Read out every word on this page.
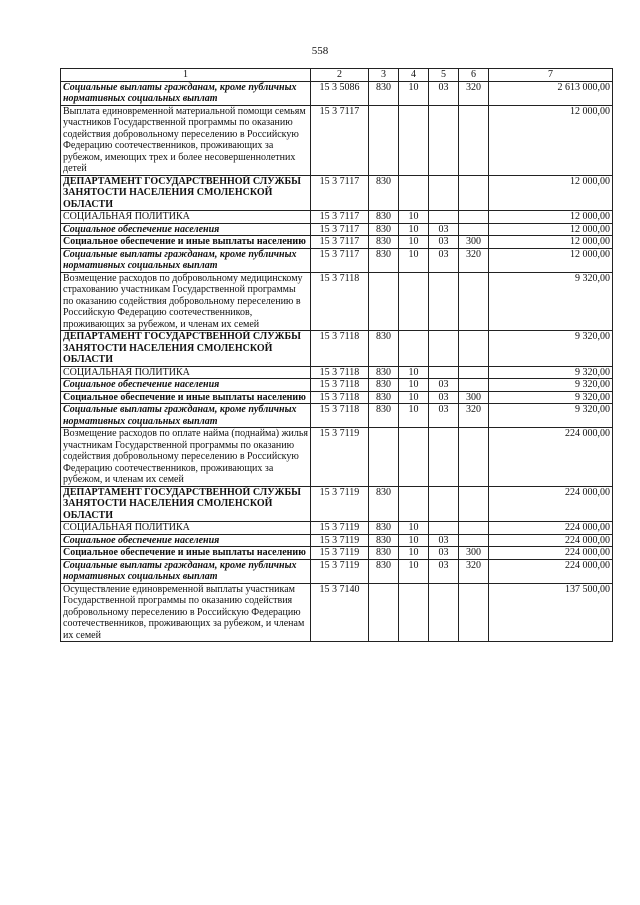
558
1	2	3	4	5	6	7
Социальные выплаты гражданам, кроме публичных нормативных социальных выплат	15 3 5086	830	10	03	320	2 613 000,00
Выплата единовременной материальной помощи семьям участников Государственной программы по оказанию содействия добровольному переселению в Российскую Федерацию соотечественников, проживающих за рубежом, имеющих трех и более несовершеннолетних детей	15 3 7117					12 000,00
ДЕПАРТАМЕНТ ГОСУДАРСТВЕННОЙ СЛУЖБЫ ЗАНЯТОСТИ НАСЕЛЕНИЯ СМОЛЕНСКОЙ ОБЛАСТИ	15 3 7117	830				12 000,00
СОЦИАЛЬНАЯ ПОЛИТИКА	15 3 7117	830	10			12 000,00
Социальное обеспечение населения	15 3 7117	830	10	03		12 000,00
Социальное обеспечение и иные выплаты населению	15 3 7117	830	10	03	300	12 000,00
Социальные выплаты гражданам, кроме публичных нормативных социальных выплат	15 3 7117	830	10	03	320	12 000,00
Возмещение расходов по добровольному медицинскому страхованию участникам Государственной программы по оказанию содействия добровольному переселению в Российскую Федерацию соотечественников, проживающих за рубежом, и членам их семей	15 3 7118					9 320,00
ДЕПАРТАМЕНТ ГОСУДАРСТВЕННОЙ СЛУЖБЫ ЗАНЯТОСТИ НАСЕЛЕНИЯ СМОЛЕНСКОЙ ОБЛАСТИ	15 3 7118	830				9 320,00
СОЦИАЛЬНАЯ ПОЛИТИКА	15 3 7118	830	10			9 320,00
Социальное обеспечение населения	15 3 7118	830	10	03		9 320,00
Социальное обеспечение и иные выплаты населению	15 3 7118	830	10	03	300	9 320,00
Социальные выплаты гражданам, кроме публичных нормативных социальных выплат	15 3 7118	830	10	03	320	9 320,00
Возмещение расходов по оплате найма (поднайма) жилья участникам Государственной программы по оказанию содействия добровольному переселению в Российскую Федерацию соотечественников, проживающих за рубежом, и членам их семей	15 3 7119					224 000,00
ДЕПАРТАМЕНТ ГОСУДАРСТВЕННОЙ СЛУЖБЫ ЗАНЯТОСТИ НАСЕЛЕНИЯ СМОЛЕНСКОЙ ОБЛАСТИ	15 3 7119	830				224 000,00
СОЦИАЛЬНАЯ ПОЛИТИКА	15 3 7119	830	10			224 000,00
Социальное обеспечение населения	15 3 7119	830	10	03		224 000,00
Социальное обеспечение и иные выплаты населению	15 3 7119	830	10	03	300	224 000,00
Социальные выплаты гражданам, кроме публичных нормативных социальных выплат	15 3 7119	830	10	03	320	224 000,00
Осуществление единовременной выплаты участникам Государственной программы по оказанию содействия добровольному переселению в Российскую Федерацию соотечественников, проживающих за рубежом, и членам их семей	15 3 7140					137 500,00
